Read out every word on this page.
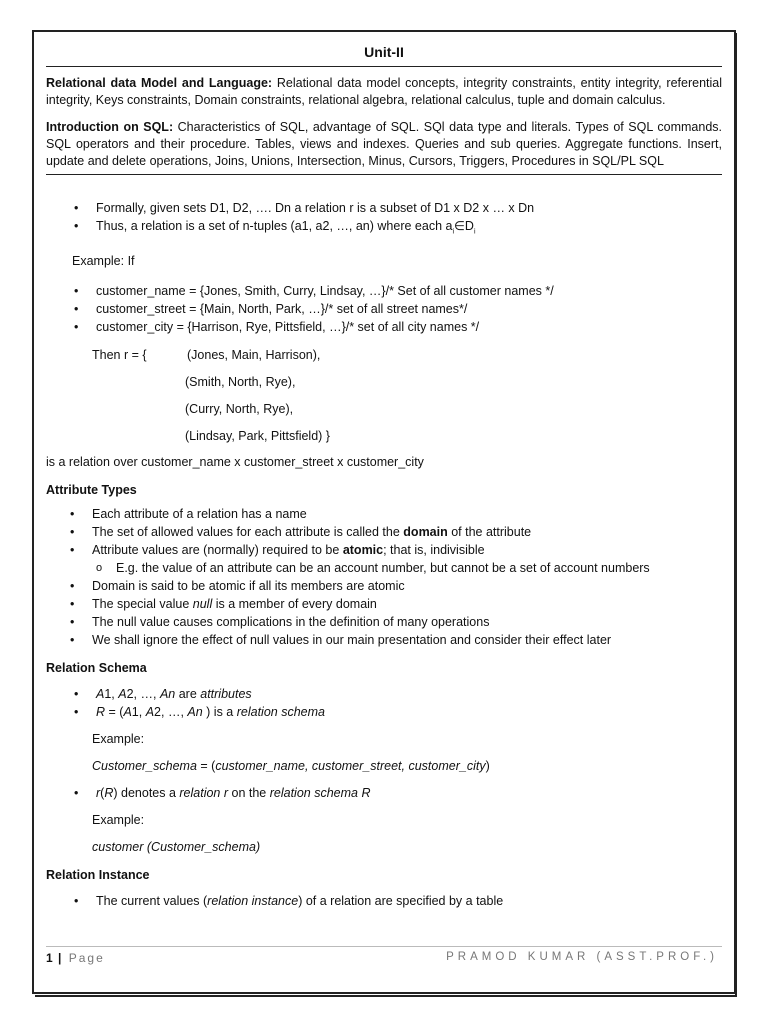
Unit-II

Relational data Model and Language: Relational data model concepts, integrity constraints, entity integrity, referential integrity, Keys constraints, Domain constraints, relational algebra, relational calculus, tuple and domain calculus.

Introduction on SQL: Characteristics of SQL, advantage of SQL. SQl data type and literals. Types of SQL commands. SQL operators and their procedure. Tables, views and indexes. Queries and sub queries. Aggregate functions. Insert, update and delete operations, Joins, Unions, Intersection, Minus, Cursors, Triggers, Procedures in SQL/PL SQL

• Formally, given sets D1, D2, …. Dn a relation r is a subset of D1 x D2 x … x Dn
• Thus, a relation is a set of n-tuples (a1, a2, …, an) where each $a_i\in D_i$

Example: If

• customer_name = {Jones, Smith, Curry, Lindsay, …}/* Set of all customer names */
• customer_street = {Main, North, Park, …}/* set of all street names*/
• customer_city = {Harrison, Rye, Pittsfield, …}/* set of all city names */
Then r = {	(Jones, Main, Harrison),
(Smith, North, Rye),
(Curry, North, Rye),
(Lindsay, Park, Pittsfield) }

is a relation over customer_name x customer_street x customer_city

Attribute Types
• Each attribute of a relation has a name
• The set of allowed values for each attribute is called the domain of the attribute
• Attribute values are (normally) required to be atomic; that is, indivisible
o E.g. the value of an attribute can be an account number, but cannot be a set of account numbers
• Domain is said to be atomic if all its members are atomic
• The special value null is a member of every domain
• The null value causes complications in the definition of many operations
• We shall ignore the effect of null values in our main presentation and consider their effect later
Relation Schema
• A1, A2, …, An are attributes
• R = (A1, A2, …, An ) is a relation schema
Example:
Customer_schema = (customer_name, customer_street, customer_city)
• r(R) denotes a relation r on the relation schema R
Example:
customer (Customer_schema)
Relation Instance
• The current values (relation instance) of a relation are specified by a table
1 | Page	PRAMOD KUMAR (ASST.PROF.)
